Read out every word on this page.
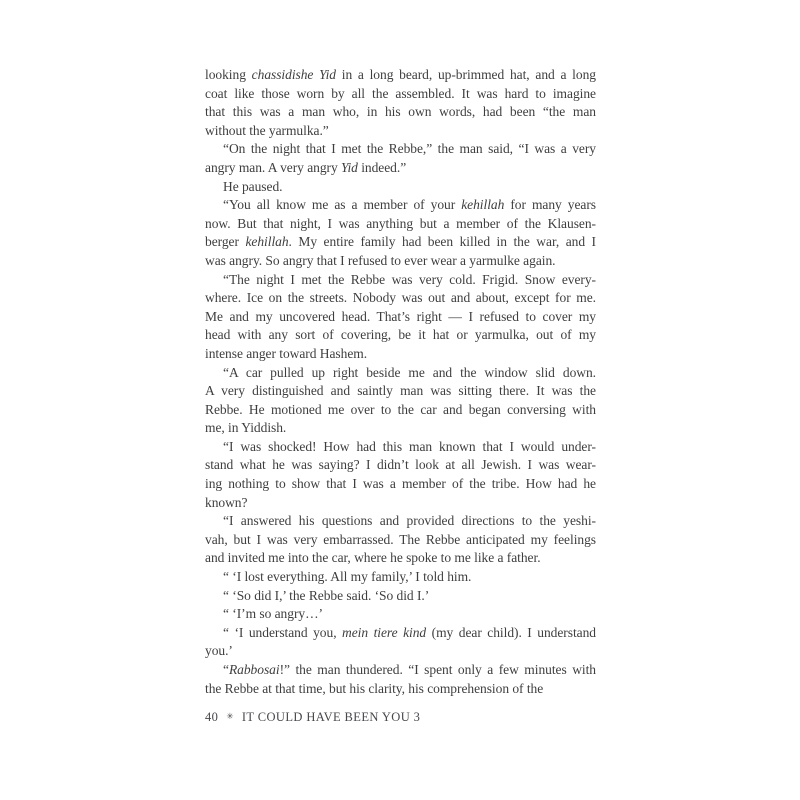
looking chassidishe Yid in a long beard, up-brimmed hat, and a long
coat like those worn by all the assembled. It was hard to imagine
that this was a man who, in his own words, had been “the man
without the yarmulka.”
“On the night that I met the Rebbe,” the man said, “I was a very
angry man. A very angry Yid indeed.”
He paused.
“You all know me as a member of your kehillah for many years
now. But that night, I was anything but a member of the Klausen-
berger kehillah. My entire family had been killed in the war, and I
was angry. So angry that I refused to ever wear a yarmulke again.
“The night I met the Rebbe was very cold. Frigid. Snow every-
where. Ice on the streets. Nobody was out and about, except for me.
Me and my uncovered head. That’s right — I refused to cover my
head with any sort of covering, be it hat or yarmulka, out of my
intense anger toward Hashem.
“A car pulled up right beside me and the window slid down.
A very distinguished and saintly man was sitting there. It was the
Rebbe. He motioned me over to the car and began conversing with
me, in Yiddish.
“I was shocked! How had this man known that I would under-
stand what he was saying? I didn’t look at all Jewish. I was wear-
ing nothing to show that I was a member of the tribe. How had he
known?
“I answered his questions and provided directions to the yeshi-
vah, but I was very embarrassed. The Rebbe anticipated my feelings
and invited me into the car, where he spoke to me like a father.
“ ‘I lost everything. All my family,’ I told him.
“ ‘So did I,’ the Rebbe said. ‘So did I.’
“ ‘I’m so angry…’
“ ‘I understand you, mein tiere kind (my dear child). I understand
you.’
“Rabbosai!” the man thundered. “I spent only a few minutes with
the Rebbe at that time, but his clarity, his comprehension of the
40 ✳ IT COULD HAVE BEEN YOU 3
